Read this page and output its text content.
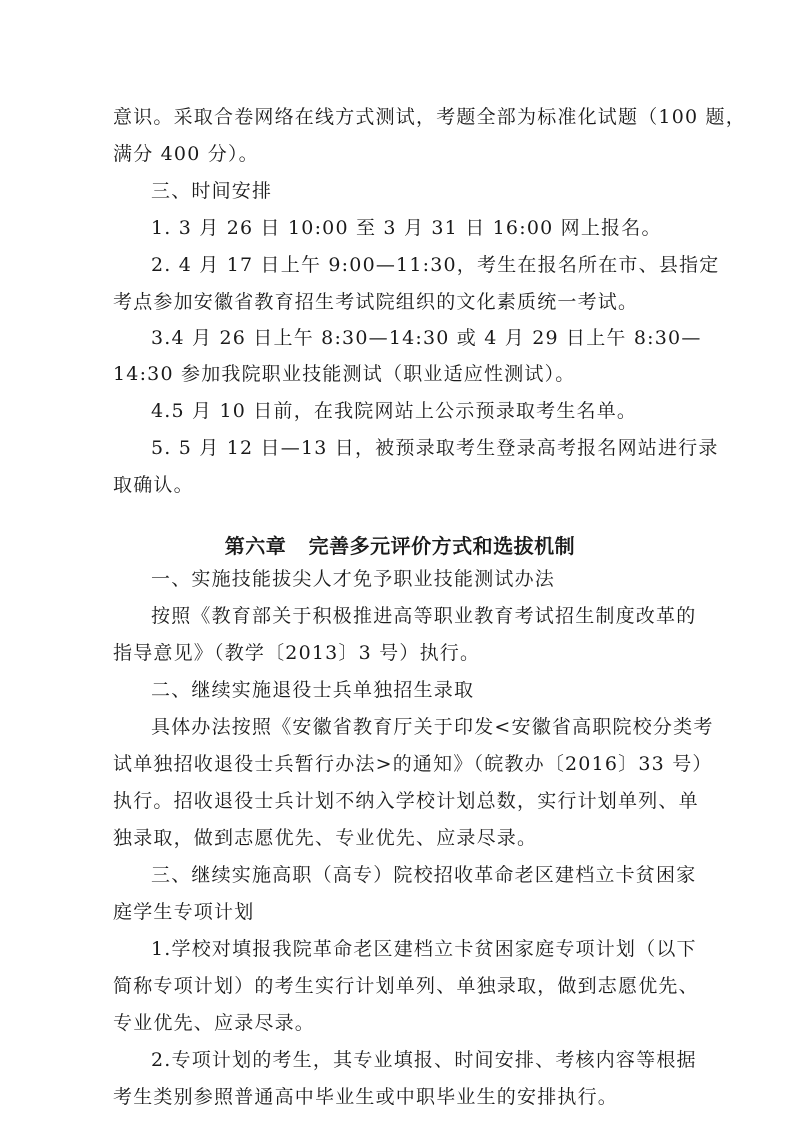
意识。采取合卷网络在线方式测试，考题全部为标准化试题（100 题，
满分 400 分）。
三、时间安排
1. 3 月 26 日 10:00 至 3 月 31 日 16:00 网上报名。
2. 4 月 17 日上午 9:00—11:30，考生在报名所在市、县指定
考点参加安徽省教育招生考试院组织的文化素质统一考试。
3.4 月 26 日上午 8:30—14:30 或 4 月 29 日上午 8:30—
14:30 参加我院职业技能测试（职业适应性测试）。
4.5 月 10 日前，在我院网站上公示预录取考生名单。
5. 5 月 12 日—13 日，被预录取考生登录高考报名网站进行录
取确认。
第六章   完善多元评价方式和选拔机制
一、实施技能拔尖人才免予职业技能测试办法
按照《教育部关于积极推进高等职业教育考试招生制度改革的
指导意见》（教学〔2013〕3 号）执行。
二、继续实施退役士兵单独招生录取
具体办法按照《安徽省教育厅关于印发<安徽省高职院校分类考
试单独招收退役士兵暂行办法>的通知》（皖教办〔2016〕33 号）
执行。招收退役士兵计划不纳入学校计划总数，实行计划单列、单
独录取，做到志愿优先、专业优先、应录尽录。
三、继续实施高职（高专）院校招收革命老区建档立卡贫困家
庭学生专项计划
1.学校对填报我院革命老区建档立卡贫困家庭专项计划（以下
简称专项计划）的考生实行计划单列、单独录取，做到志愿优先、
专业优先、应录尽录。
2.专项计划的考生，其专业填报、时间安排、考核内容等根据
考生类别参照普通高中毕业生或中职毕业生的安排执行。
